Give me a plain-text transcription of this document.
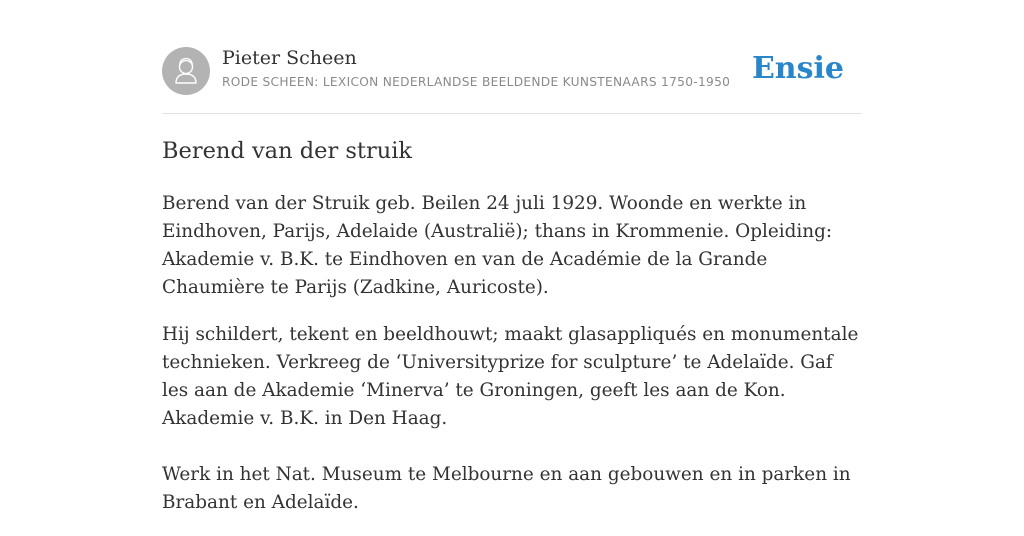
Pieter Scheen
RODE SCHEEN: LEXICON NEDERLANDSE BEELDENDE KUNSTENAARS 1750-1950 Ensie
Berend van der struik

Berend van der Struik geb. Beilen 24 juli 1929. Woonde en werkte in Eindhoven, Parijs, Adelaide (Australië); thans in Krommenie. Opleiding: Akademie v. B.K. te Eindhoven en van de Académie de la Grande Chaumière te Parijs (Zadkine, Auricoste).

Hij schildert, tekent en beeldhouwt; maakt glasappliqués en monumentale technieken. Verkreeg de ‘Universityprize for sculpture’ te Adelaïde. Gaf les aan de Akademie ‘Minerva’ te Groningen, geeft les aan de Kon. Akademie v. B.K. in Den Haag.

Werk in het Nat. Museum te Melbourne en aan gebouwen en in parken in Brabant en Adelaïde.
